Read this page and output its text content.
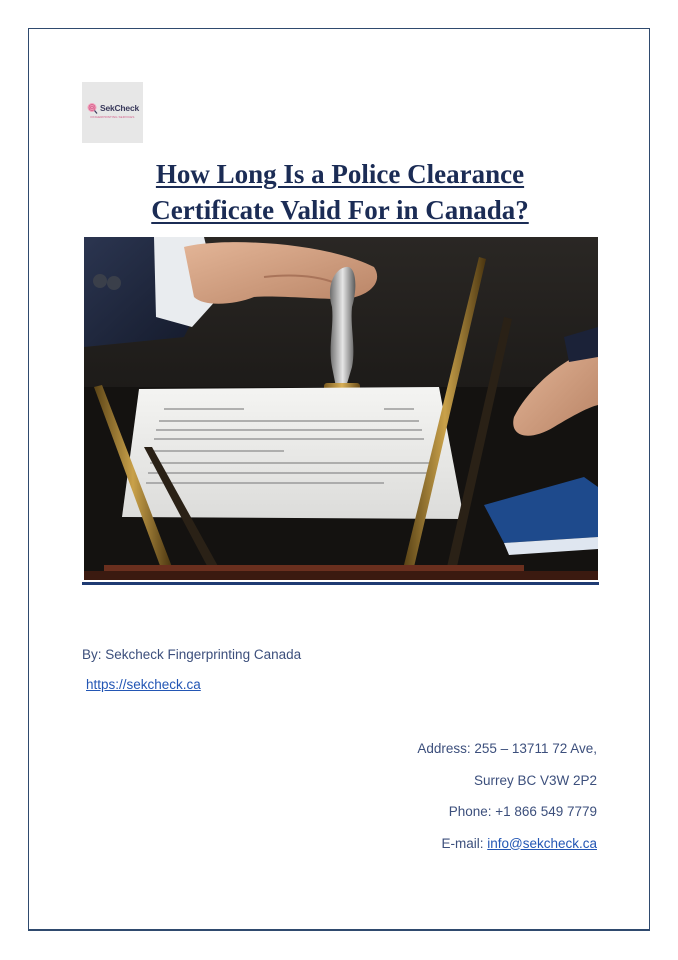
SekCheck
FINGERPRINTING SERVICES
How Long Is a Police Clearance
Certificate Valid For in Canada?
By: Sekcheck Fingerprinting Canada
https://sekcheck.ca
Address: 255 – 13711 72 Ave,
Surrey BC V3W 2P2
Phone: +1 866 549 7779
E-mail: info@sekcheck.ca
